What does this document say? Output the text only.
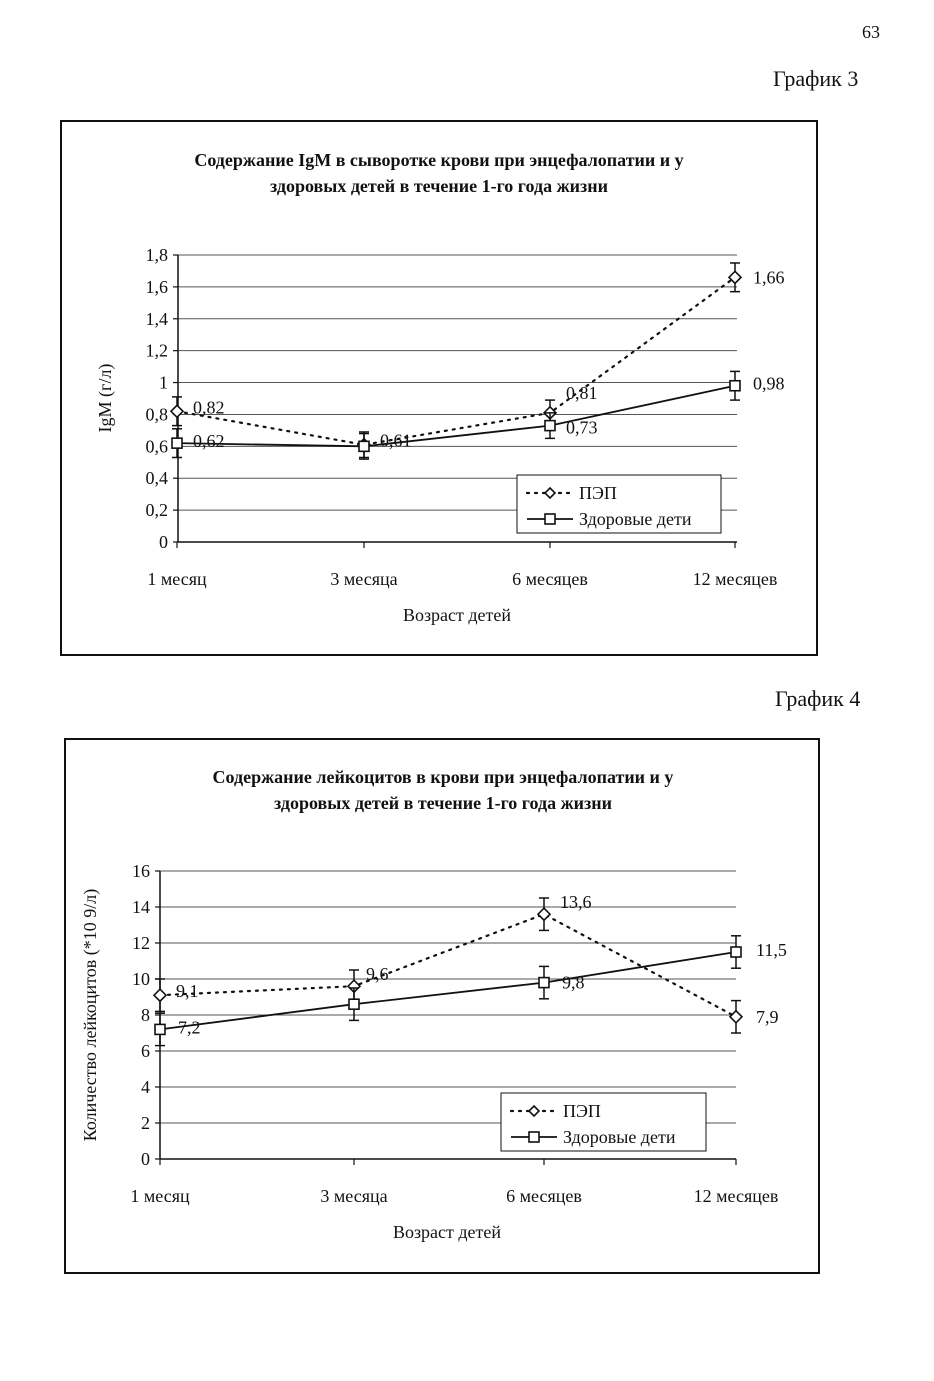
63
График 3
Содержание IgM в сыворотке крови при энцефалопатии и у
здоровых детей в течение 1-го года жизни
0
0,2
0,4
0,6
0,8
1
1,2
1,4
1,6
1,8
1 месяц	3 месяца	6 месяцев	12 месяцев
Возраст детей
IgM (г/л)	0,82
0,61
0,81
1,66
0,62
0,73
0,98
ПЭП
Здоровые дети
График 4
Содержание лейкоцитов в крови при энцефалопатии и у
здоровых детей в течение 1-го года жизни
0
2
4
6
8
10
12
14
16
1 месяц	3 месяца	6 месяцев	12 месяцев
Возраст детей
Количество лейкоцитов (*10 9/л)	9,1
9,6
13,6
7,9
7,2
9,8
11,5
ПЭП
Здоровые дети
